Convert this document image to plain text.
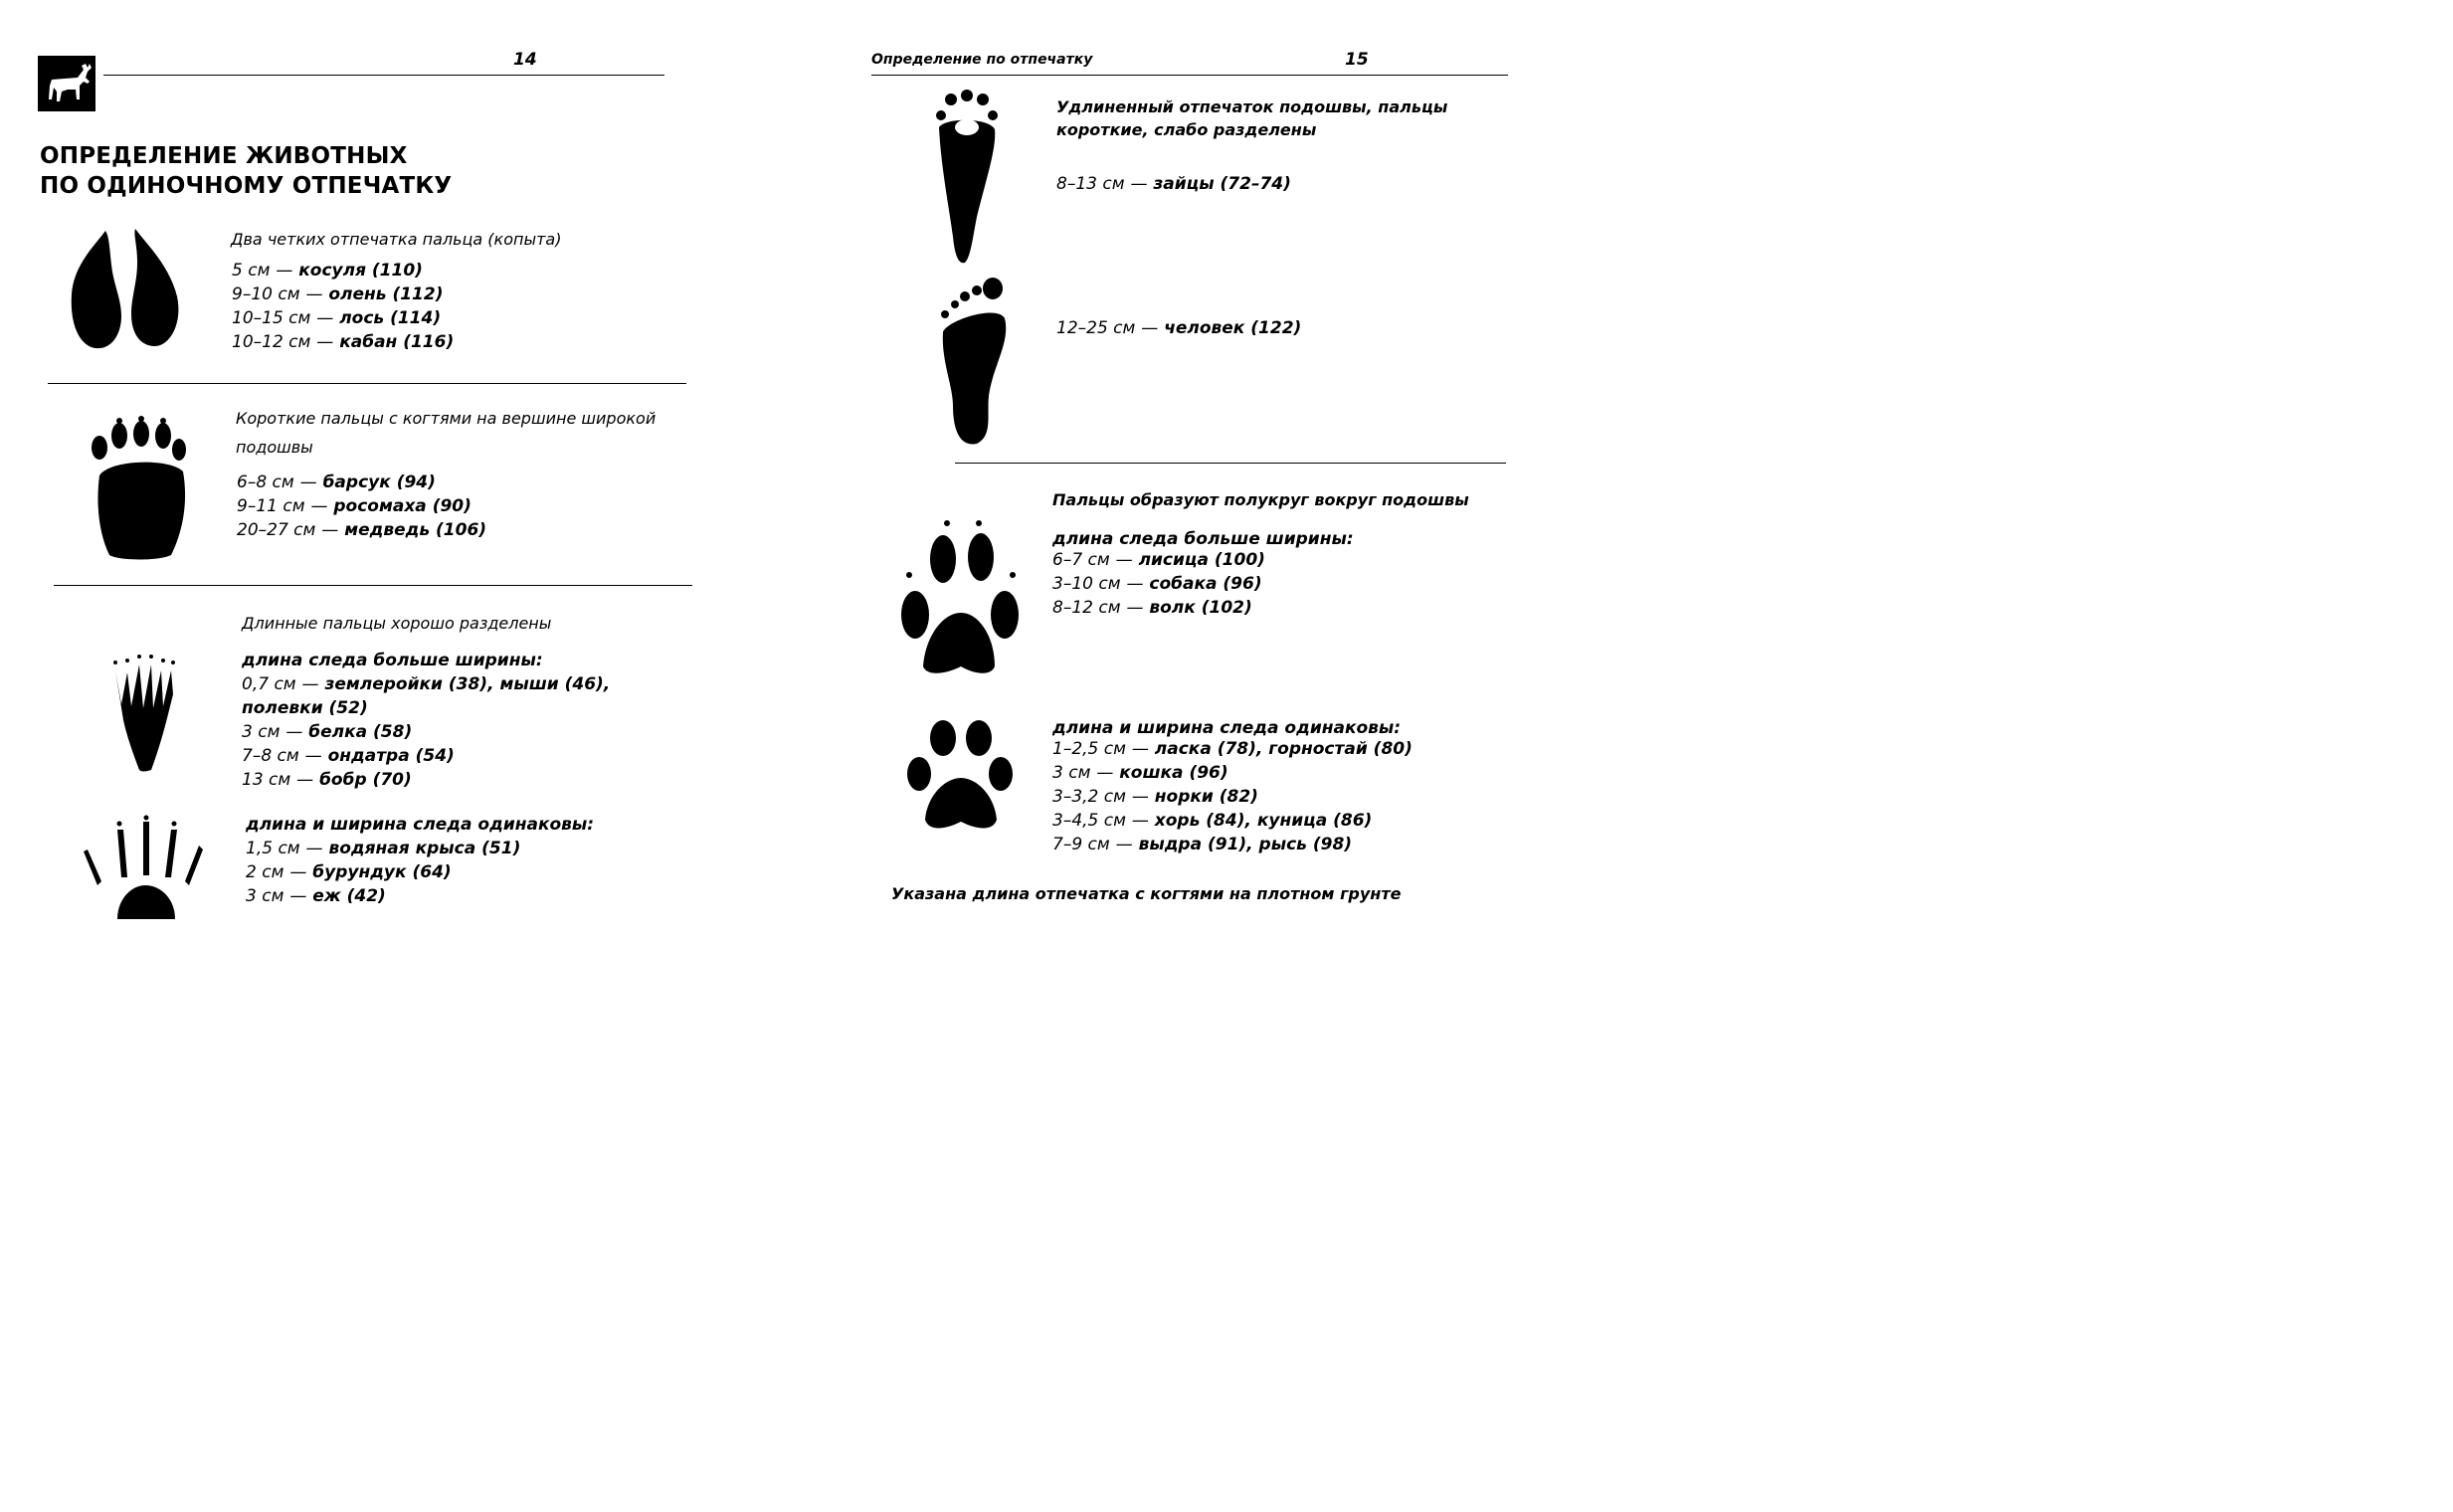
14
ОПРЕДЕЛЕНИЕ ЖИВОТНЫХ
ПО ОДИНОЧНОМУ ОТПЕЧАТКУ
Два четких отпечатка пальца (копыта)
5 см — косуля (110)
9–10 см — олень (112)
10–15 см — лось (114)
10–12 см — кабан (116)
Короткие пальцы с когтями на вершине широкой
подошвы
6–8 см — барсук (94)
9–11 см — росомаха (90)
20–27 см — медведь (106)
Длинные пальцы хорошо разделены
длина следа больше ширины:
0,7 см — землеройки (38), мыши (46),
полевки (52)
3 см — белка (58)
7–8 см — ондатра (54)
13 см — бобр (70)
длина и ширина следа одинаковы:
1,5 см — водяная крыса (51)
2 см — бурундук (64)
3 см — еж (42)
Определение по отпечатку	15
Удлиненный отпечаток подошвы, пальцы
короткие, слабо разделены
8–13 см — зайцы (72–74)
12–25 см — человек (122)
Пальцы образуют полукруг вокруг подошвы
длина следа больше ширины:
6–7 см — лисица (100)
3–10 см — собака (96)
8–12 см — волк (102)
длина и ширина следа одинаковы:
1–2,5 см — ласка (78), горностай (80)
3 см — кошка (96)
3–3,2 см — норки (82)
3–4,5 см — хорь (84), куница (86)
7–9 см — выдра (91), рысь (98)
Указана длина отпечатка с когтями на плотном грунте
